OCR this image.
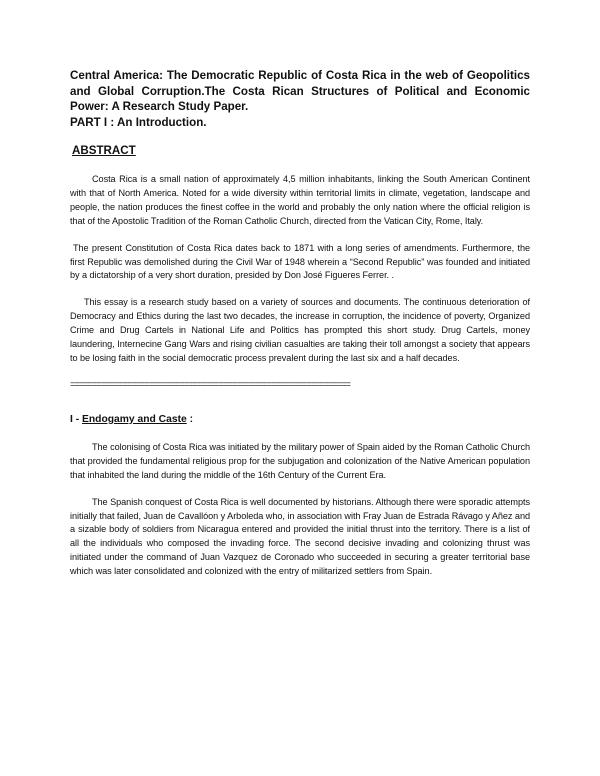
Central America: The Democratic Republic of Costa Rica in the web of Geopolitics and Global Corruption.The Costa Rican Structures of Political and Economic Power: A Research Study Paper.

PART I : An Introduction.

ABSTRACT

Costa Rica is a small nation of approximately 4,5 million inhabitants, linking the South American Continent with that of North America. Noted for a wide diversity within territorial limits in climate, vegetation, landscape and people, the nation produces the finest coffee in the world and probably the only nation where the official religion is that of the Apostolic Tradition of the Roman Catholic Church, directed from the Vatican City, Rome, Italy.

The present Constitution of Costa Rica dates back to 1871 with a long series of amendments. Furthermore, the first Republic was demolished during the Civil War of 1948 wherein a “Second Republic” was founded and initiated by a dictatorship of a very short duration, presided by Don José Figueres Ferrer. .

This essay is a research study based on a variety of sources and documents. The continuous deterioration of Democracy and Ethics during the last two decades, the increase in corruption, the incidence of poverty, Organized Crime and Drug Cartels in National Life and Politics has prompted this short study. Drug Cartels, money laundering, Internecine Gang Wars and rising civilian casualties are taking their toll amongst a society that appears to be losing faith in the social democratic process prevalent during the last six and a half decades.

================================================================
I - Endogamy and Caste :

The colonising of Costa Rica was initiated by the military power of Spain aided by the Roman Catholic Church that provided the fundamental religious prop for the subjugation and colonization of the Native American population that inhabited the land during the middle of the 16th Century of the Current Era.

The Spanish conquest of Costa Rica is well documented by historians. Although there were sporadic attempts initially that failed, Juan de Cavallóon y Arboleda who, in association with Fray Juan de Estrada Rávago y Añez and a sizable body of soldiers from Nicaragua entered and provided the initial thrust into the territory. There is a list of all the individuals who composed the invading force. The second decisive invading and colonizing thrust was initiated under the command of Juan Vazquez de Coronado who succeeded in securing a greater territorial base which was later consolidated and colonized with the entry of militarized settlers from Spain.
